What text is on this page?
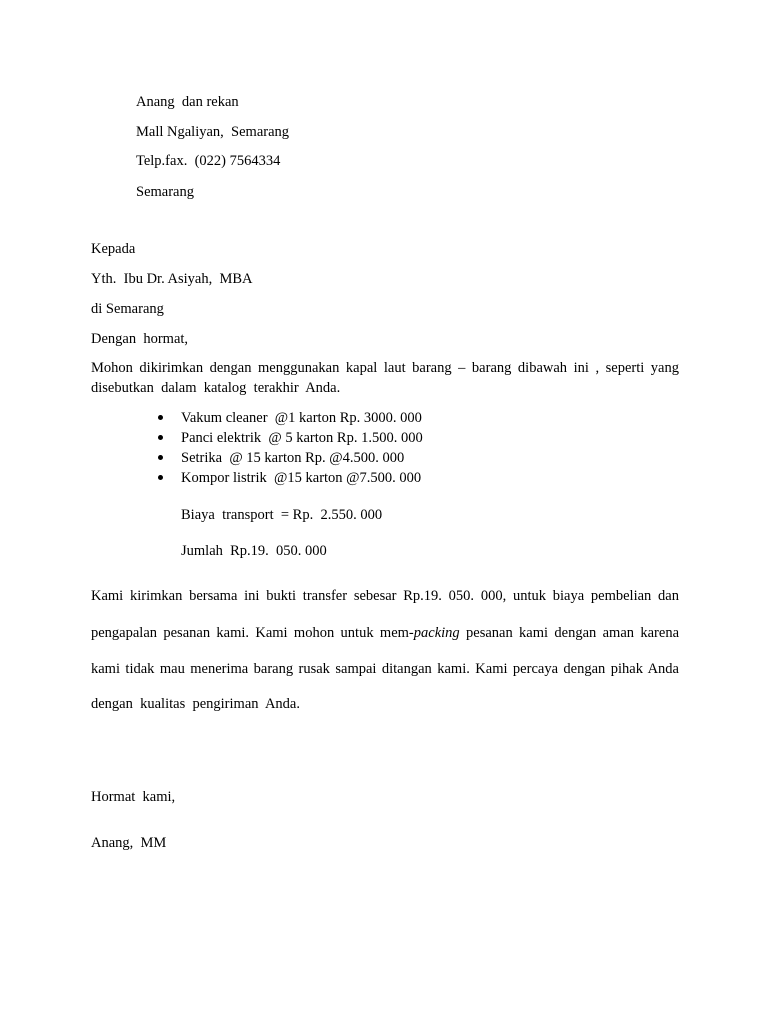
Anang  dan rekan
Mall Ngaliyan,  Semarang
Telp.fax.  (022) 7564334
Semarang
Kepada
Yth.  Ibu Dr. Asiyah,  MBA
di Semarang
Dengan  hormat,
Mohon dikirimkan dengan menggunakan kapal laut barang – barang dibawah ini , seperti yang
disebutkan  dalam  katalog  terakhir  Anda.

Vakum cleaner  @1 karton Rp. 3000. 000

Panci elektrik  @ 5 karton Rp. 1.500. 000

Setrika  @ 15 karton Rp. @4.500. 000

Kompor listrik  @15 karton @7.500. 000

Biaya  transport  = Rp.  2.550. 000
Jumlah  Rp.19.  050. 000
Kami kirimkan bersama ini bukti transfer sebesar Rp.19. 050. 000, untuk biaya pembelian dan
pengapalan pesanan kami. Kami mohon untuk mem-packing pesanan kami dengan aman karena
kami tidak mau menerima barang rusak sampai ditangan kami. Kami percaya dengan pihak Anda
dengan  kualitas  pengiriman  Anda.
Hormat  kami,
Anang,  MM
